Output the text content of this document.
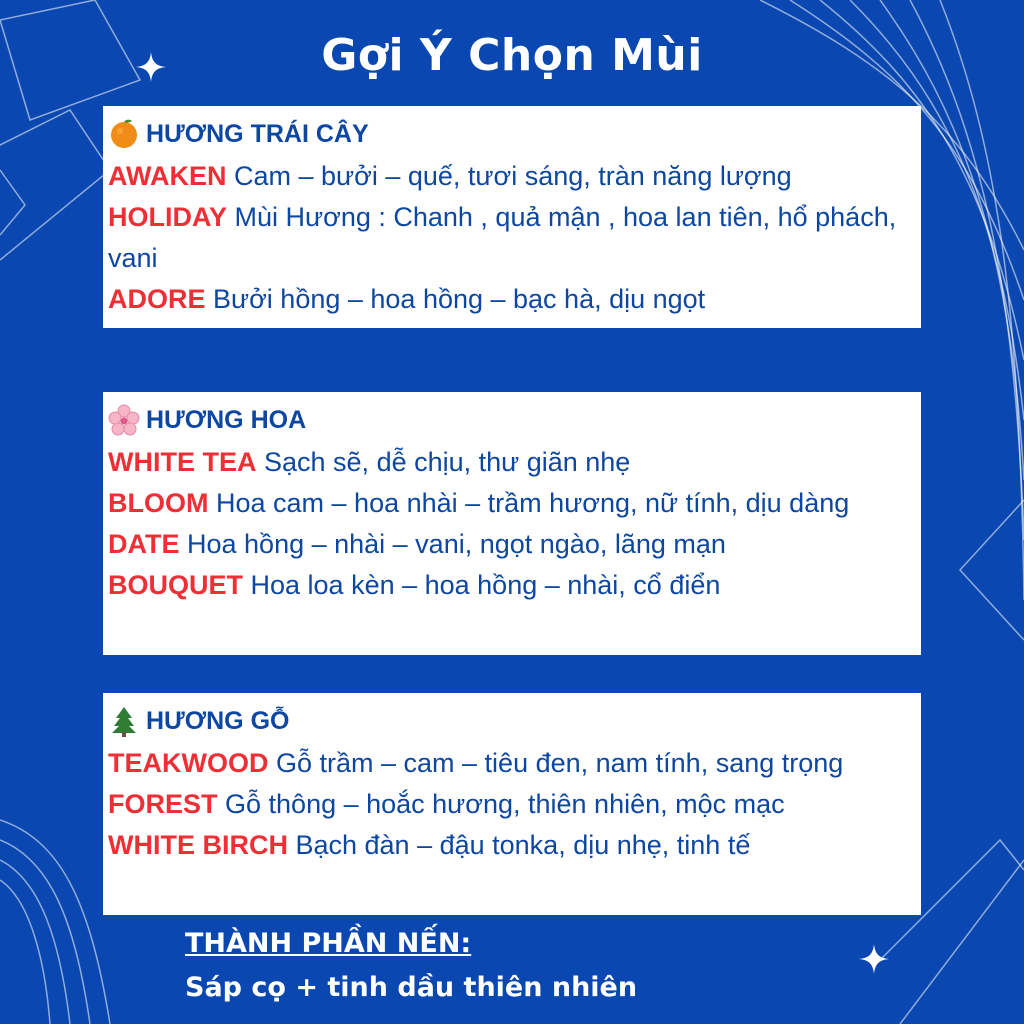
Gợi Ý Chọn Mùi
HƯƠNG TRÁI CÂY

AWAKEN Cam – bưởi – quế, tươi sáng, tràn năng lượng

HOLIDAY Mùi Hương : Chanh , quả mận , hoa lan tiên, hổ phách, vani

ADORE Bưởi hồng – hoa hồng – bạc hà, dịu ngọt

HƯƠNG HOA

WHITE TEA Sạch sẽ, dễ chịu, thư giãn nhẹ

BLOOM Hoa cam – hoa nhài – trầm hương, nữ tính, dịu dàng

DATE Hoa hồng – nhài – vani, ngọt ngào, lãng mạn

BOUQUET Hoa loa kèn – hoa hồng – nhài, cổ điển

HƯƠNG GỖ

TEAKWOOD Gỗ trầm – cam – tiêu đen, nam tính, sang trọng

FOREST Gỗ thông – hoắc hương, thiên nhiên, mộc mạc

WHITE BIRCH Bạch đàn – đậu tonka, dịu nhẹ, tinh tế

THÀNH PHẦN NẾN:
Sáp cọ + tinh dầu thiên nhiên
